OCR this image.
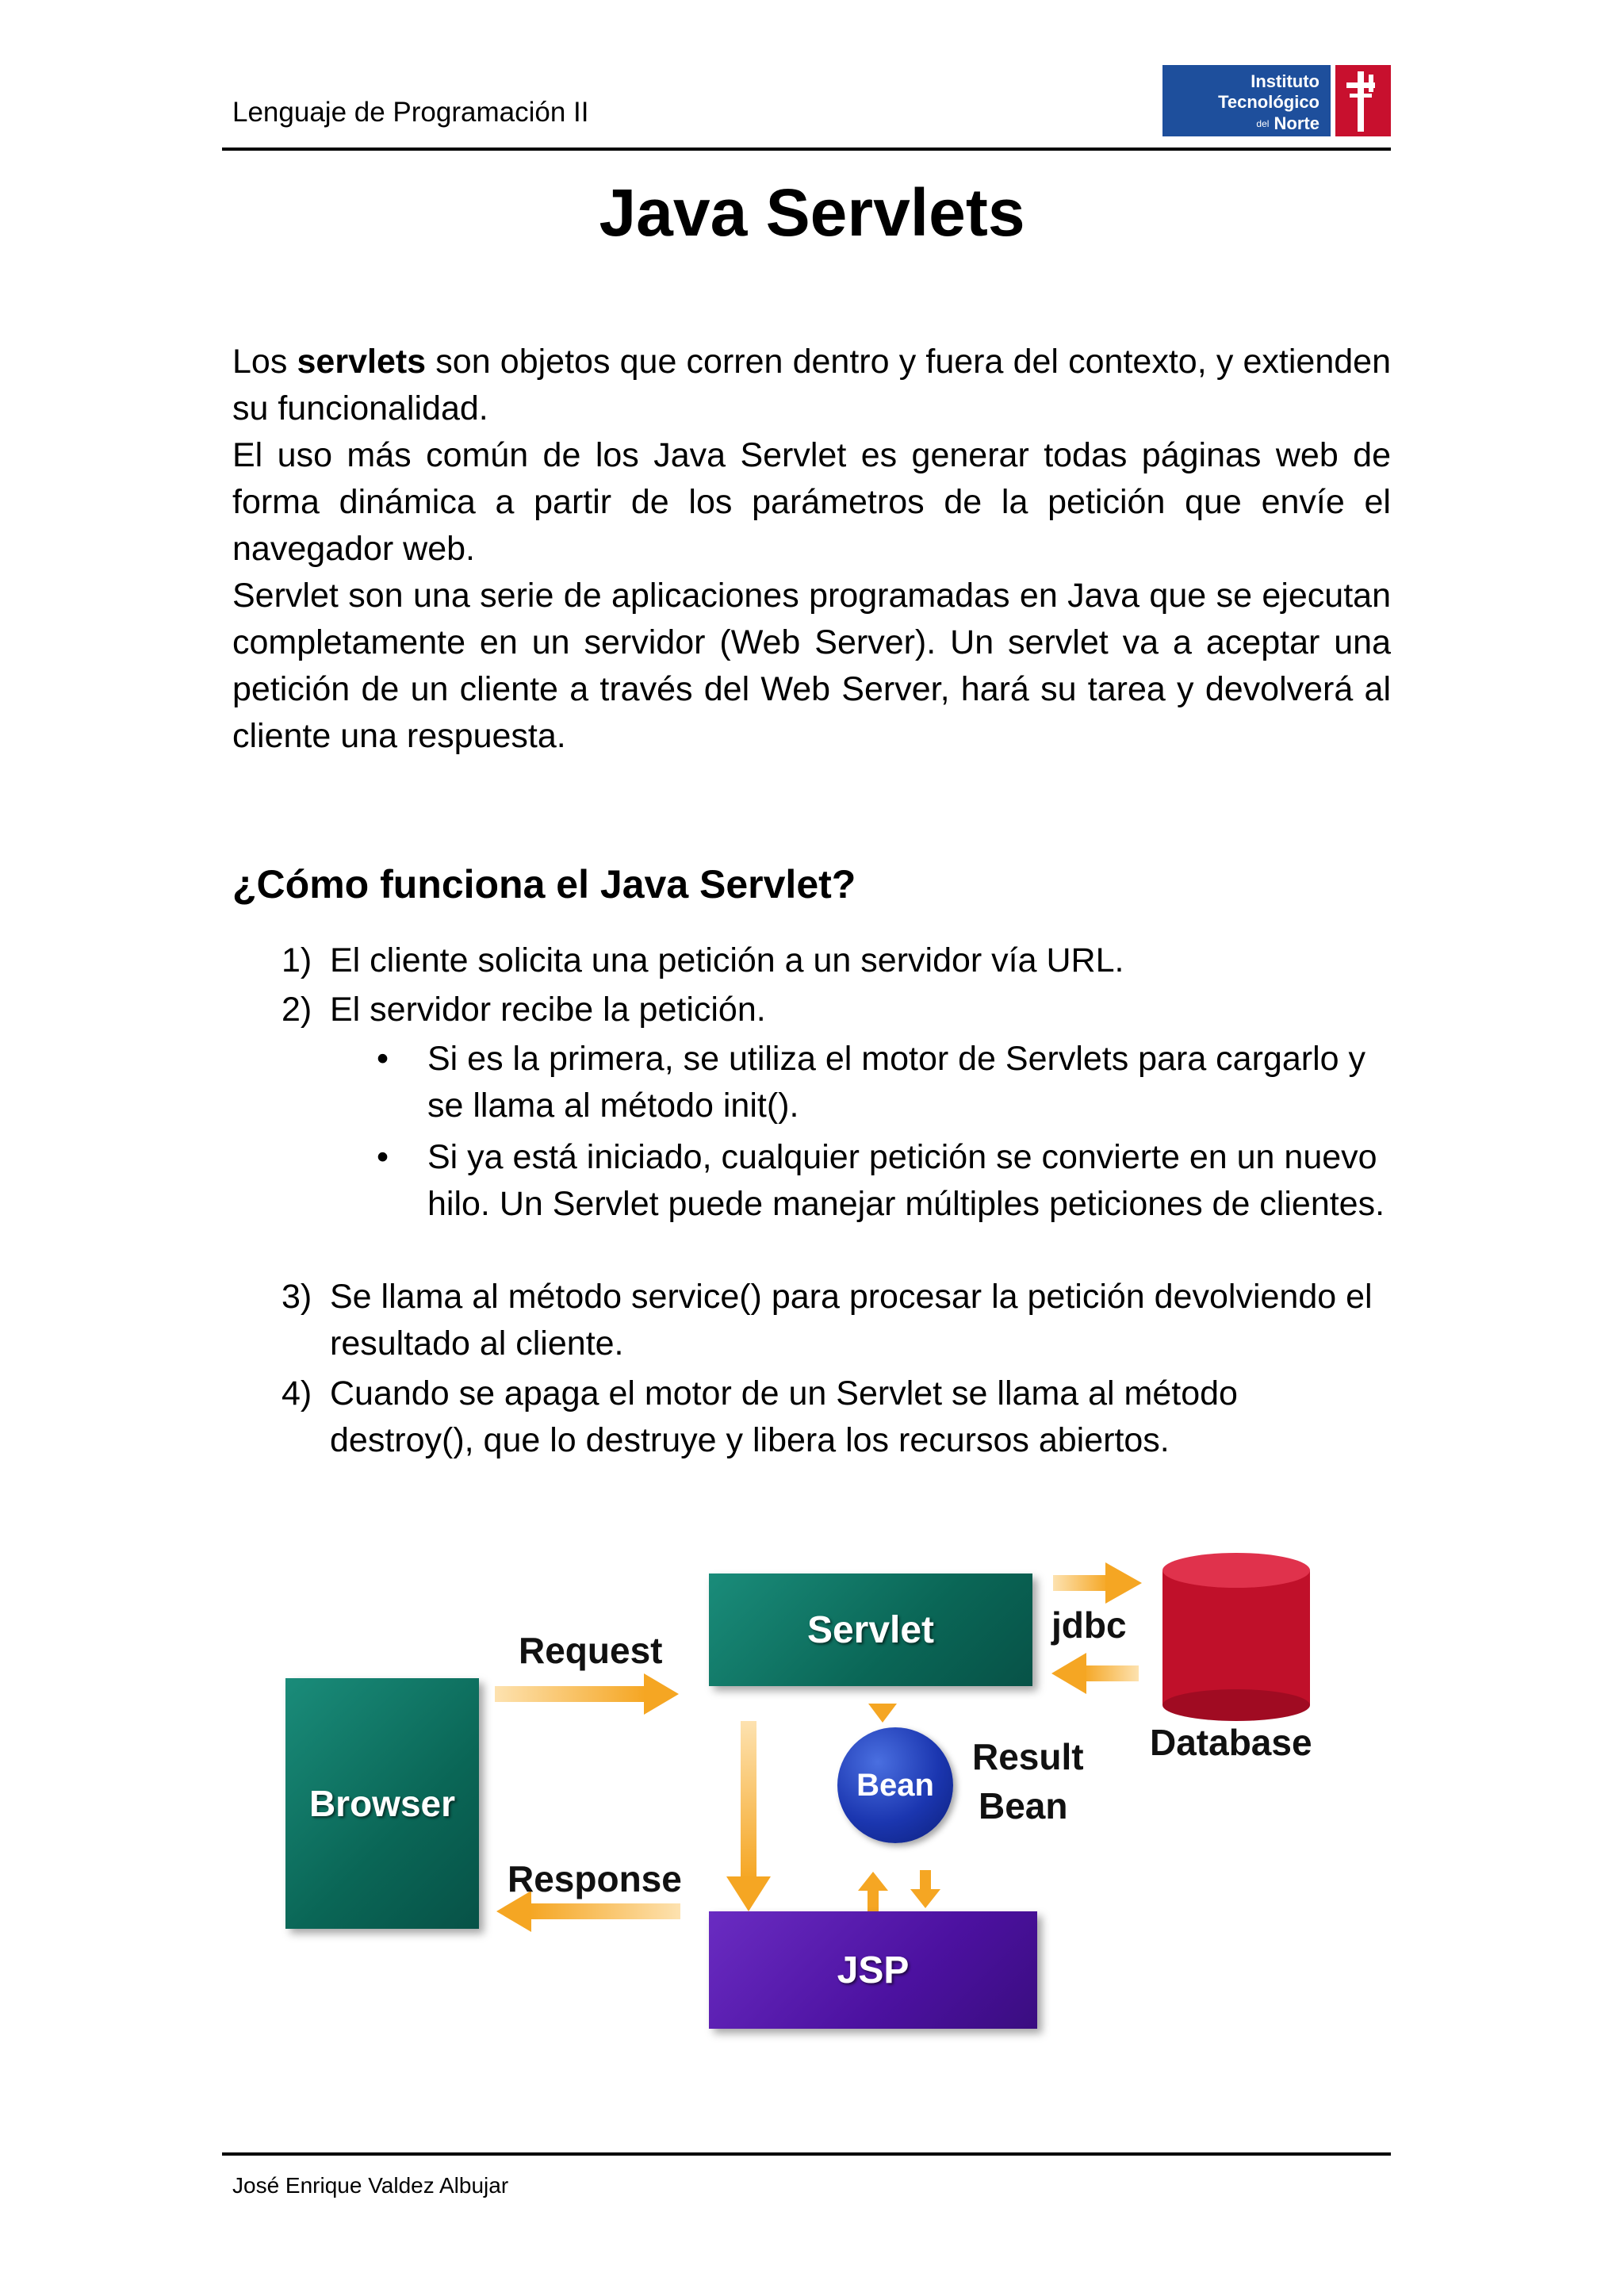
Lenguaje de Programación II
Instituto
Tecnológico
del Norte
Java Servlets

Los servlets son objetos que corren dentro y fuera del contexto, y extienden su funcionalidad.

El uso más común de los Java Servlet es generar todas páginas web de forma dinámica a partir de los parámetros de la petición que envíe el navegador web.

Servlet son una serie de aplicaciones programadas en Java que se ejecutan completamente en un servidor (Web Server). Un servlet va a aceptar una petición de un cliente a través del Web Server, hará su tarea y devolverá al cliente una respuesta.

¿Cómo funciona el Java Servlet?
1) El cliente solicita una petición a un servidor vía URL.
2) El servidor recibe la petición.
• Si es la primera, se utiliza el motor de Servlets para cargarlo y se llama al método init().
• Si ya está iniciado, cualquier petición se convierte en un nuevo hilo. Un Servlet puede manejar múltiples peticiones de clientes.
3) Se llama al método service() para procesar la petición devolviendo el resultado al cliente.
4) Cuando se apaga el motor de un Servlet se llama al método destroy(), que lo destruye y libera los recursos abiertos.
Browser
Servlet
JSP
Bean
Request
Response
jdbc
Result
Bean
Database
José Enrique Valdez Albujar
